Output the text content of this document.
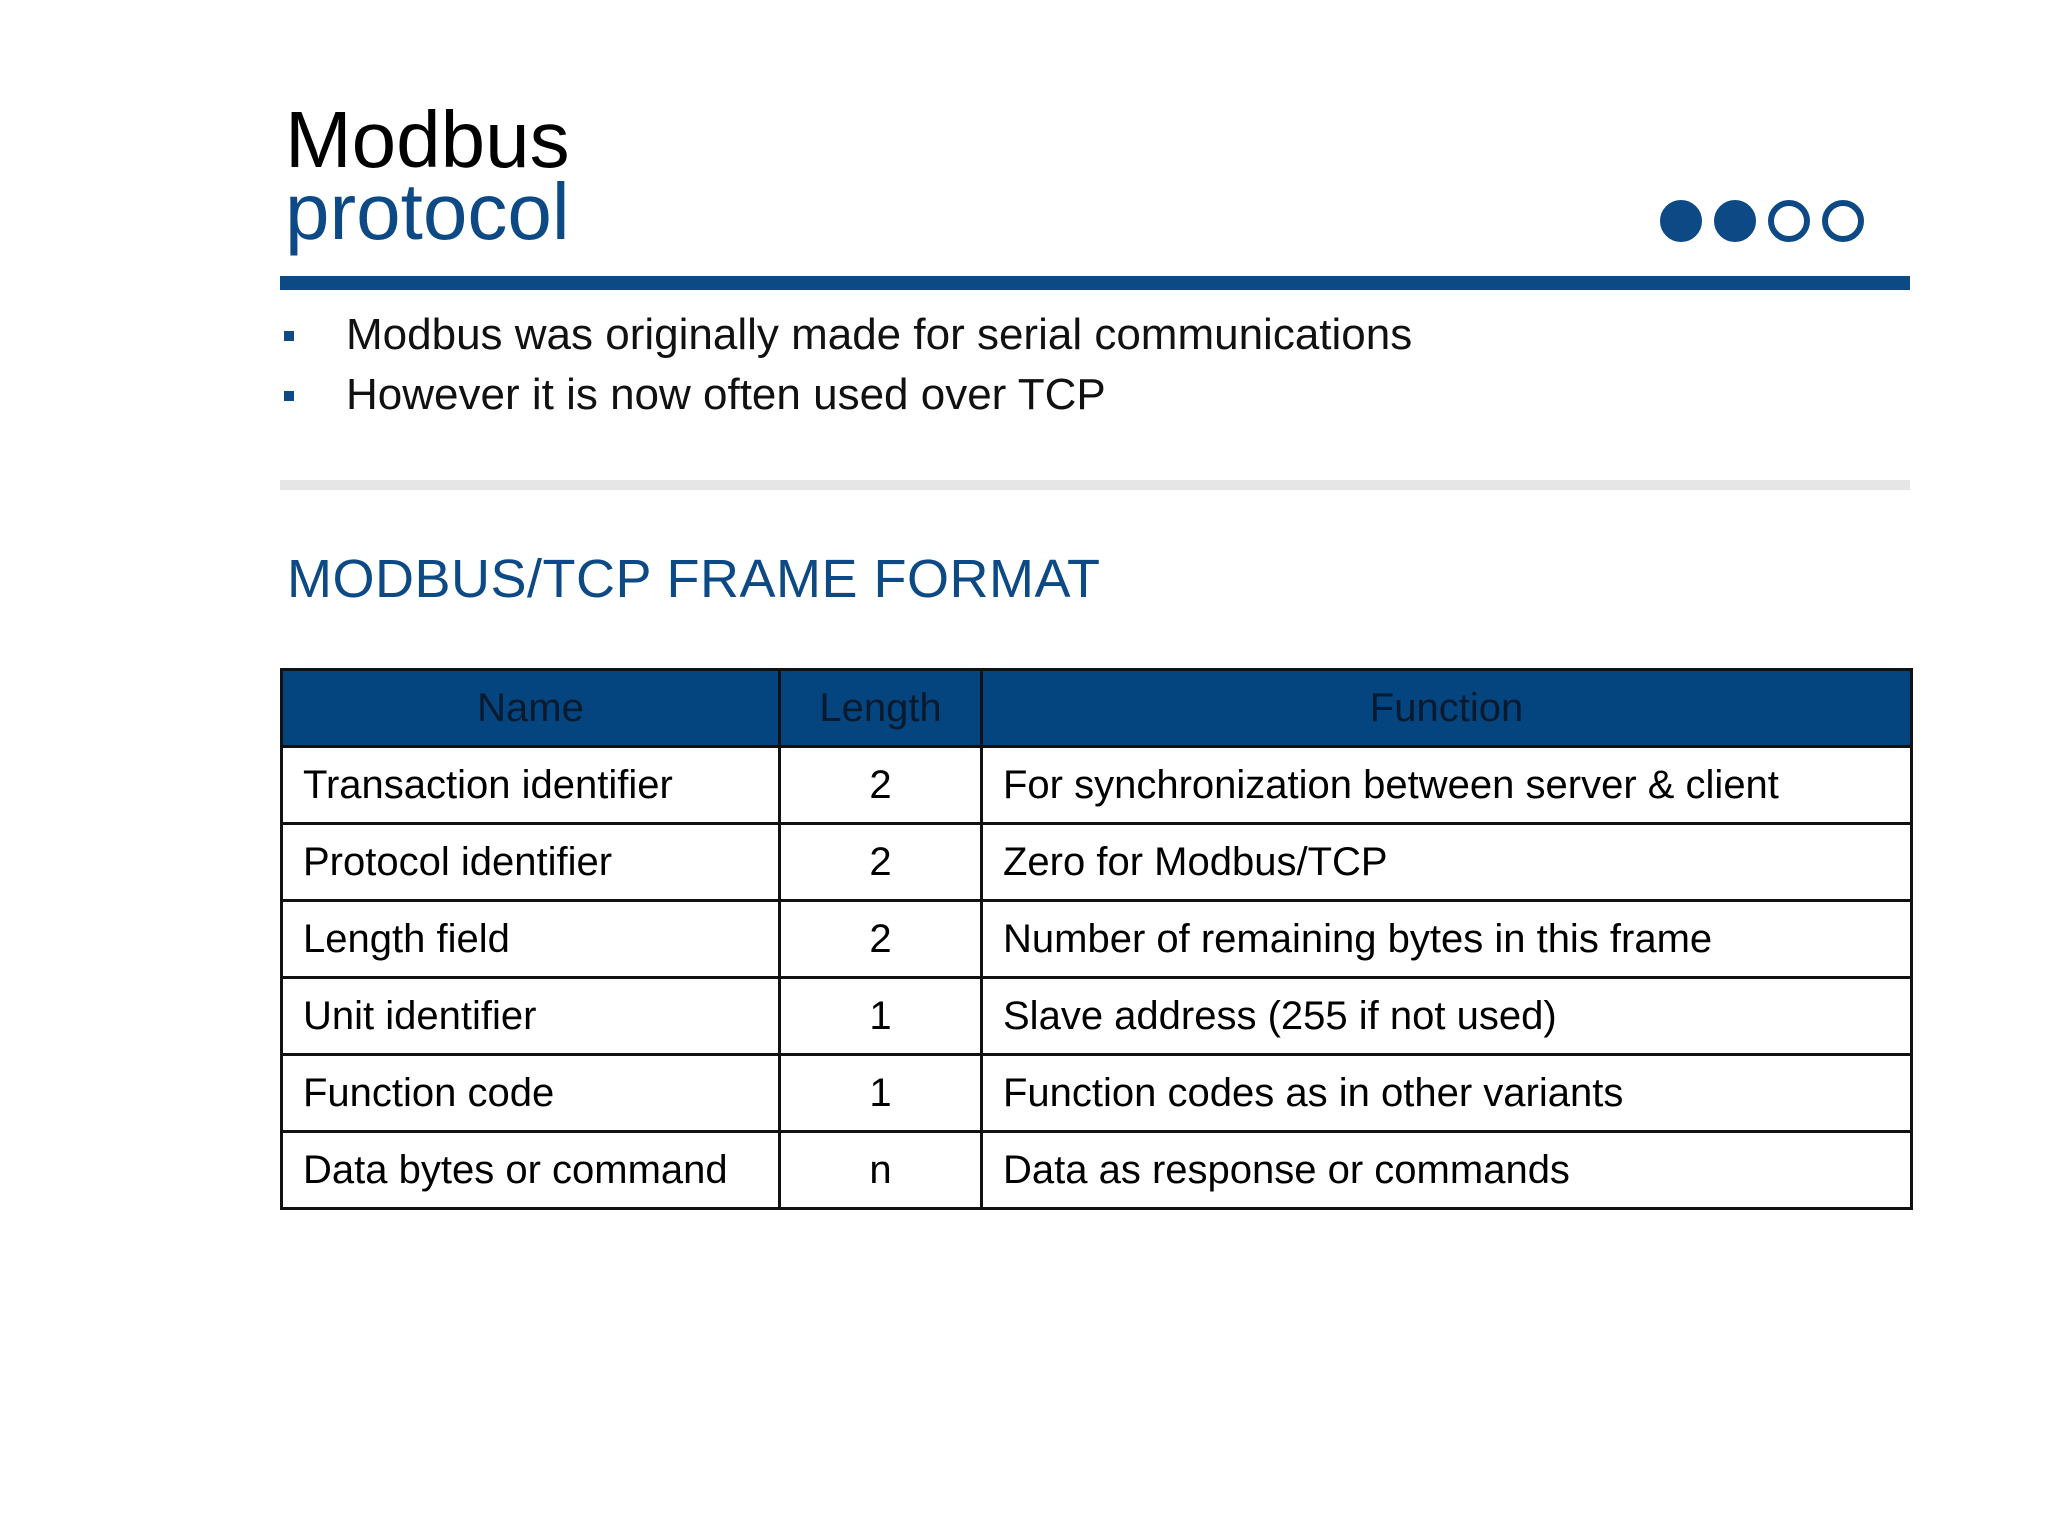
Modbus
protocol
Modbus was originally made for serial communications
However it is now often used over TCP
MODBUS/TCP FRAME FORMAT
Name	Length	Function
Transaction identifier	2	For synchronization between server & client
Protocol identifier	2	Zero for Modbus/TCP
Length field	2	Number of remaining bytes in this frame
Unit identifier	1	Slave address (255 if not used)
Function code	1	Function codes as in other variants
Data bytes or command	n	Data as response or commands
